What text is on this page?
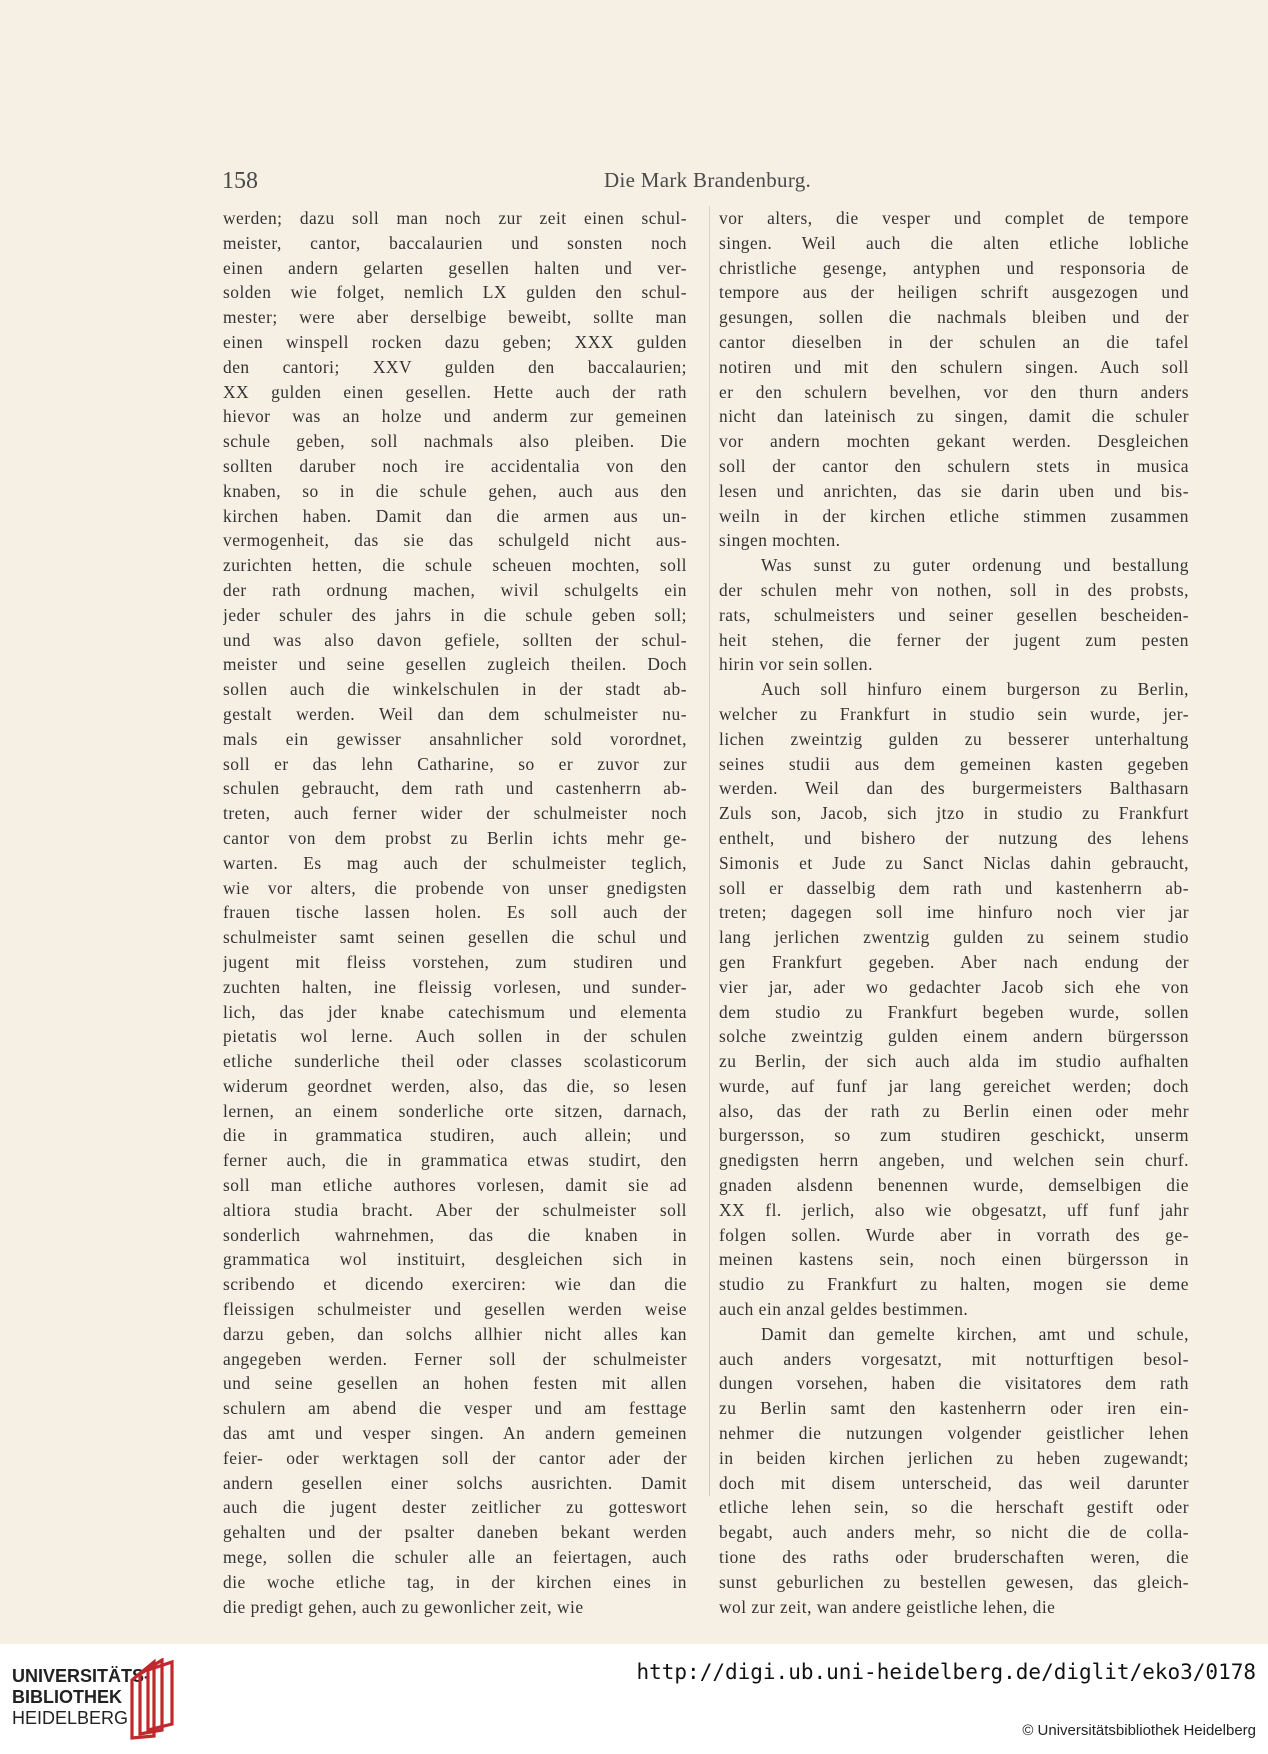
158	Die Mark Brandenburg.
werden; dazu soll man noch zur zeit einen schul-
meister, cantor, baccalaurien und sonsten noch
einen andern gelarten gesellen halten und ver-
solden wie folget, nemlich LX gulden den schul-
mester; were aber derselbige beweibt, sollte man
einen winspell rocken dazu geben; XXX gulden
den cantori; XXV gulden den baccalaurien;
XX gulden einen gesellen. Hette auch der rath
hievor was an holze und anderm zur gemeinen
schule geben, soll nachmals also pleiben. Die
sollten daruber noch ire accidentalia von den
knaben, so in die schule gehen, auch aus den
kirchen haben. Damit dan die armen aus un-
vermogenheit, das sie das schulgeld nicht aus-
zurichten hetten, die schule scheuen mochten, soll
der rath ordnung machen, wivil schulgelts ein
jeder schuler des jahrs in die schule geben soll;
und was also davon gefiele, sollten der schul-
meister und seine gesellen zugleich theilen. Doch
sollen auch die winkelschulen in der stadt ab-
gestalt werden. Weil dan dem schulmeister nu-
mals ein gewisser ansahnlicher sold vorordnet,
soll er das lehn Catharine, so er zuvor zur
schulen gebraucht, dem rath und castenherrn ab-
treten, auch ferner wider der schulmeister noch
cantor von dem probst zu Berlin ichts mehr ge-
warten. Es mag auch der schulmeister teglich,
wie vor alters, die probende von unser gnedigsten
frauen tische lassen holen. Es soll auch der
schulmeister samt seinen gesellen die schul und
jugent mit fleiss vorstehen, zum studiren und
zuchten halten, ine fleissig vorlesen, und sunder-
lich, das jder knabe catechismum und elementa
pietatis wol lerne. Auch sollen in der schulen
etliche sunderliche theil oder classes scolasticorum
widerum geordnet werden, also, das die, so lesen
lernen, an einem sonderliche orte sitzen, darnach,
die in grammatica studiren, auch allein; und
ferner auch, die in grammatica etwas studirt, den
soll man etliche authores vorlesen, damit sie ad
altiora studia bracht. Aber der schulmeister soll
sonderlich wahrnehmen, das die knaben in
grammatica wol instituirt, desgleichen sich in
scribendo et dicendo exerciren: wie dan die
fleissigen schulmeister und gesellen werden weise
darzu geben, dan solchs allhier nicht alles kan
angegeben werden. Ferner soll der schulmeister
und seine gesellen an hohen festen mit allen
schulern am abend die vesper und am festtage
das amt und vesper singen. An andern gemeinen
feier- oder werktagen soll der cantor ader der
andern gesellen einer solchs ausrichten. Damit
auch die jugent dester zeitlicher zu gotteswort
gehalten und der psalter daneben bekant werden
mege, sollen die schuler alle an feiertagen, auch
die woche etliche tag, in der kirchen eines in
die predigt gehen, auch zu gewonlicher zeit, wie
vor alters, die vesper und complet de tempore
singen. Weil auch die alten etliche lobliche
christliche gesenge, antyphen und responsoria de
tempore aus der heiligen schrift ausgezogen und
gesungen, sollen die nachmals bleiben und der
cantor dieselben in der schulen an die tafel
notiren und mit den schulern singen. Auch soll
er den schulern bevelhen, vor den thurn anders
nicht dan lateinisch zu singen, damit die schuler
vor andern mochten gekant werden. Desgleichen
soll der cantor den schulern stets in musica
lesen und anrichten, das sie darin uben und bis-
weiln in der kirchen etliche stimmen zusammen
singen mochten.
Was sunst zu guter ordenung und bestallung
der schulen mehr von nothen, soll in des probsts,
rats, schulmeisters und seiner gesellen bescheiden-
heit stehen, die ferner der jugent zum pesten
hirin vor sein sollen.
Auch soll hinfuro einem burgerson zu Berlin,
welcher zu Frankfurt in studio sein wurde, jer-
lichen zweintzig gulden zu besserer unterhaltung
seines studii aus dem gemeinen kasten gegeben
werden. Weil dan des burgermeisters Balthasarn
Zuls son, Jacob, sich jtzo in studio zu Frankfurt
enthelt, und bishero der nutzung des lehens
Simonis et Jude zu Sanct Niclas dahin gebraucht,
soll er dasselbig dem rath und kastenherrn ab-
treten; dagegen soll ime hinfuro noch vier jar
lang jerlichen zwentzig gulden zu seinem studio
gen Frankfurt gegeben. Aber nach endung der
vier jar, ader wo gedachter Jacob sich ehe von
dem studio zu Frankfurt begeben wurde, sollen
solche zweintzig gulden einem andern bürgersson
zu Berlin, der sich auch alda im studio aufhalten
wurde, auf funf jar lang gereichet werden; doch
also, das der rath zu Berlin einen oder mehr
burgersson, so zum studiren geschickt, unserm
gnedigsten herrn angeben, und welchen sein churf.
gnaden alsdenn benennen wurde, demselbigen die
XX fl. jerlich, also wie obgesatzt, uff funf jahr
folgen sollen. Wurde aber in vorrath des ge-
meinen kastens sein, noch einen bürgersson in
studio zu Frankfurt zu halten, mogen sie deme
auch ein anzal geldes bestimmen.
Damit dan gemelte kirchen, amt und schule,
auch anders vorgesatzt, mit notturftigen besol-
dungen vorsehen, haben die visitatores dem rath
zu Berlin samt den kastenherrn oder iren ein-
nehmer die nutzungen volgender geistlicher lehen
in beiden kirchen jerlichen zu heben zugewandt;
doch mit disem unterscheid, das weil darunter
etliche lehen sein, so die herschaft gestift oder
begabt, auch anders mehr, so nicht die de colla-
tione des raths oder bruderschaften weren, die
sunst geburlichen zu bestellen gewesen, das gleich-
wol zur zeit, wan andere geistliche lehen, die
UNIVERSITÄTS-
BIBLIOTHEK
HEIDELBERG
http://digi.ub.uni-heidelberg.de/diglit/eko3/0178
© Universitätsbibliothek Heidelberg
